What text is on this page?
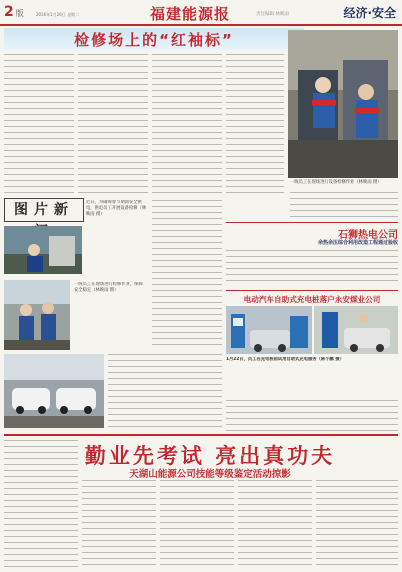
2 版	2016年1月26日 星期二	福建能源报	责任编辑 林映雨	经济·安全
检修场上的“红袖标”
一线员工在现场进行设备检修作业（林映雨 摄）
图片新	近日，为确保春节期间安全供电，供电员工开展设备检修（林映雨 摄）
一线员工在现场进行检修作业，保障安全稳定（林映雨 摄）
石狮热电公司
余热余压综合利用改造工程通过验收
电动汽车自助式充电桩落户永安煤业公司
1月22日，员工在充电桩前试用自助式充电服务（陈小鹏 摄）
勤业先考试 亮出真功夫
天湖山能源公司技能等级鉴定活动掠影
